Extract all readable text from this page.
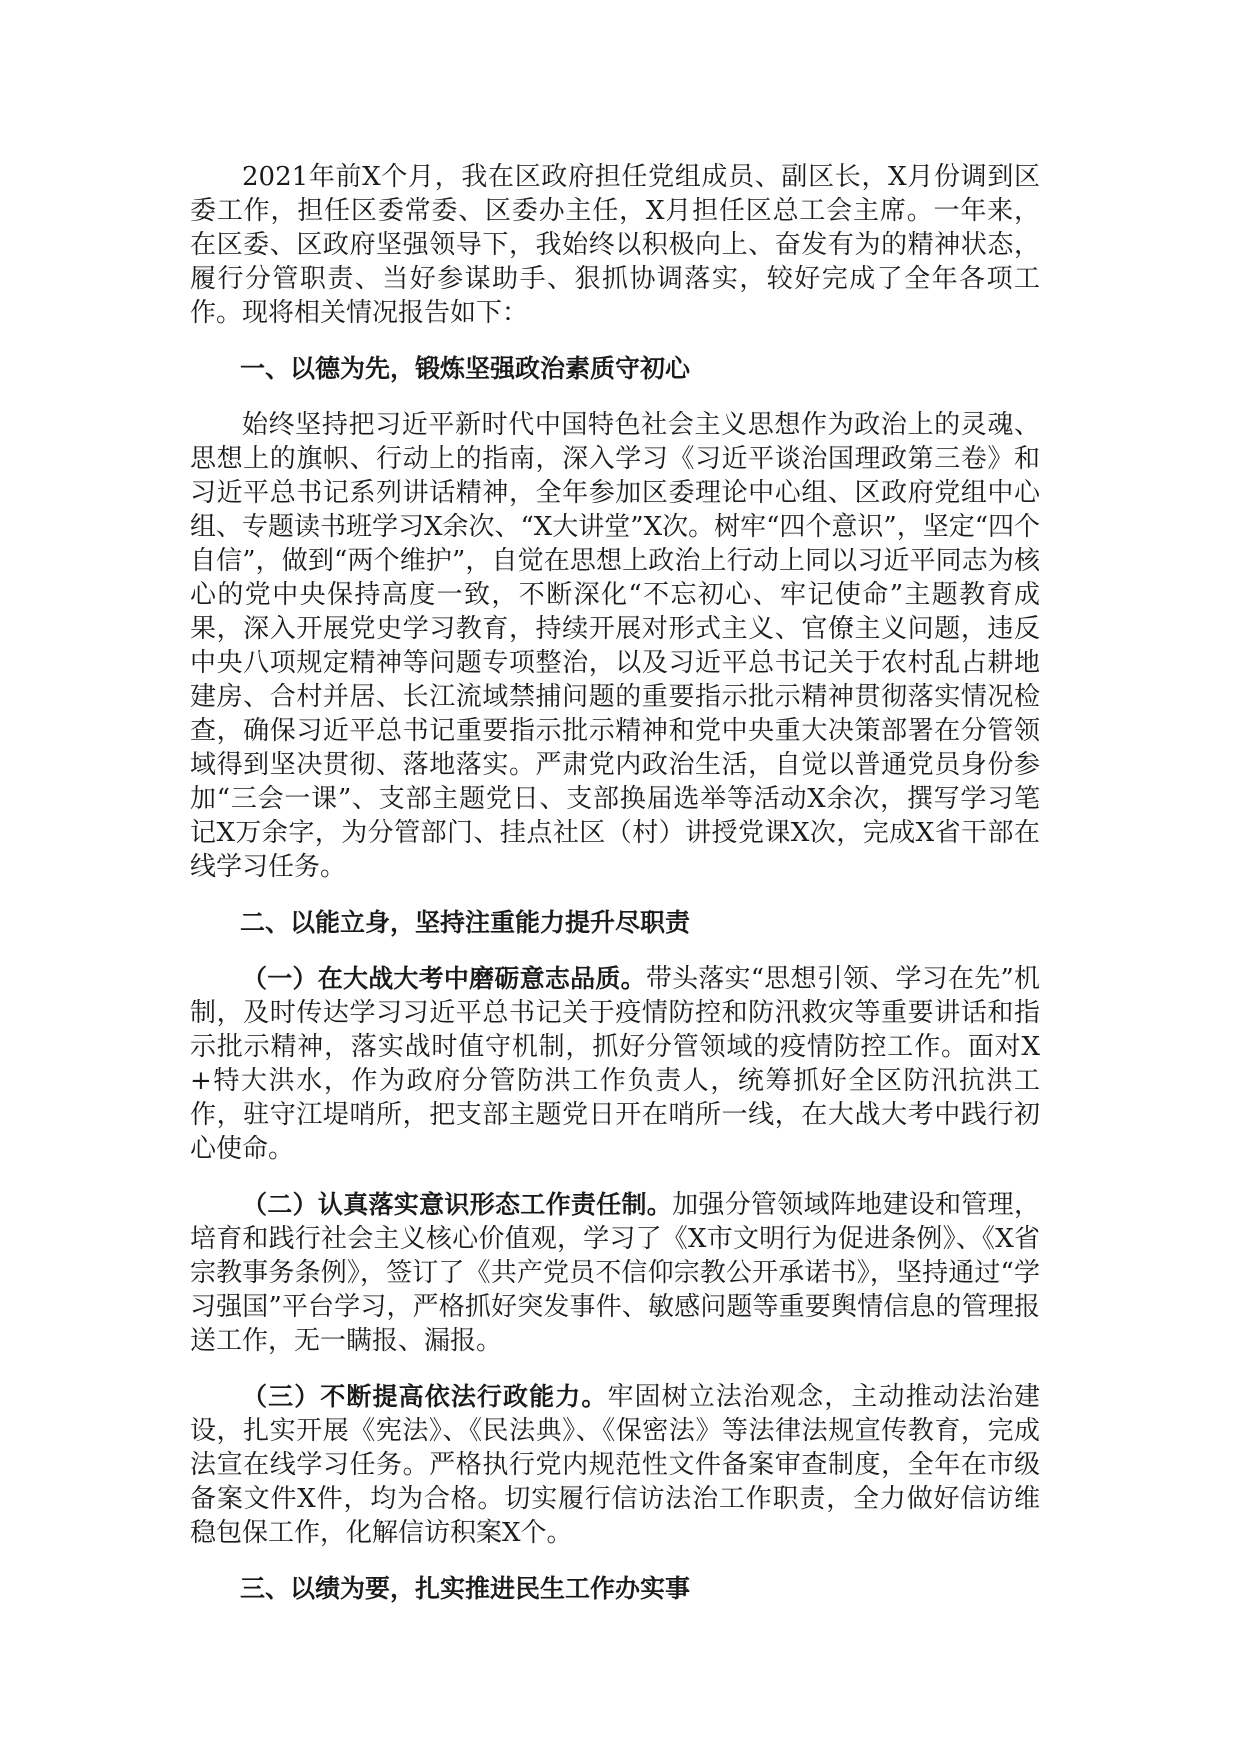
2021年前X个月，我在区政府担任党组成员、副区长，X月份调到区委工作，担任区委常委、区委办主任，X月担任区总工会主席。一年来，在区委、区政府坚强领导下，我始终以积极向上、奋发有为的精神状态，履行分管职责、当好参谋助手、狠抓协调落实，较好完成了全年各项工作。现将相关情况报告如下：

一、以德为先，锻炼坚强政治素质守初心

始终坚持把习近平新时代中国特色社会主义思想作为政治上的灵魂、思想上的旗帜、行动上的指南，深入学习《习近平谈治国理政第三卷》和习近平总书记系列讲话精神，全年参加区委理论中心组、区政府党组中心组、专题读书班学习X余次、“X大讲堂”X次。树牢“四个意识”，坚定“四个自信”，做到“两个维护”，自觉在思想上政治上行动上同以习近平同志为核心的党中央保持高度一致，不断深化“不忘初心、牢记使命”主题教育成果，深入开展党史学习教育，持续开展对形式主义、官僚主义问题，违反中央八项规定精神等问题专项整治，以及习近平总书记关于农村乱占耕地建房、合村并居、长江流域禁捕问题的重要指示批示精神贯彻落实情况检查，确保习近平总书记重要指示批示精神和党中央重大决策部署在分管领域得到坚决贯彻、落地落实。严肃党内政治生活，自觉以普通党员身份参加“三会一课”、支部主题党日、支部换届选举等活动X余次，撰写学习笔记X万余字，为分管部门、挂点社区（村）讲授党课X次，完成X省干部在线学习任务。

二、以能立身，坚持注重能力提升尽职责

（一）在大战大考中磨砺意志品质。带头落实“思想引领、学习在先”机制，及时传达学习习近平总书记关于疫情防控和防汛救灾等重要讲话和指示批示精神，落实战时值守机制，抓好分管领域的疫情防控工作。面对X+特大洪水，作为政府分管防洪工作负责人，统筹抓好全区防汛抗洪工作，驻守江堤哨所，把支部主题党日开在哨所一线，在大战大考中践行初心使命。

（二）认真落实意识形态工作责任制。加强分管领域阵地建设和管理，培育和践行社会主义核心价值观，学习了《X市文明行为促进条例》、《X省宗教事务条例》，签订了《共产党员不信仰宗教公开承诺书》，坚持通过“学习强国”平台学习，严格抓好突发事件、敏感问题等重要舆情信息的管理报送工作，无一瞒报、漏报。

（三）不断提高依法行政能力。牢固树立法治观念，主动推动法治建设，扎实开展《宪法》、《民法典》、《保密法》等法律法规宣传教育，完成法宣在线学习任务。严格执行党内规范性文件备案审查制度，全年在市级备案文件X件，均为合格。切实履行信访法治工作职责，全力做好信访维稳包保工作，化解信访积案X个。

三、以绩为要，扎实推进民生工作办实事
